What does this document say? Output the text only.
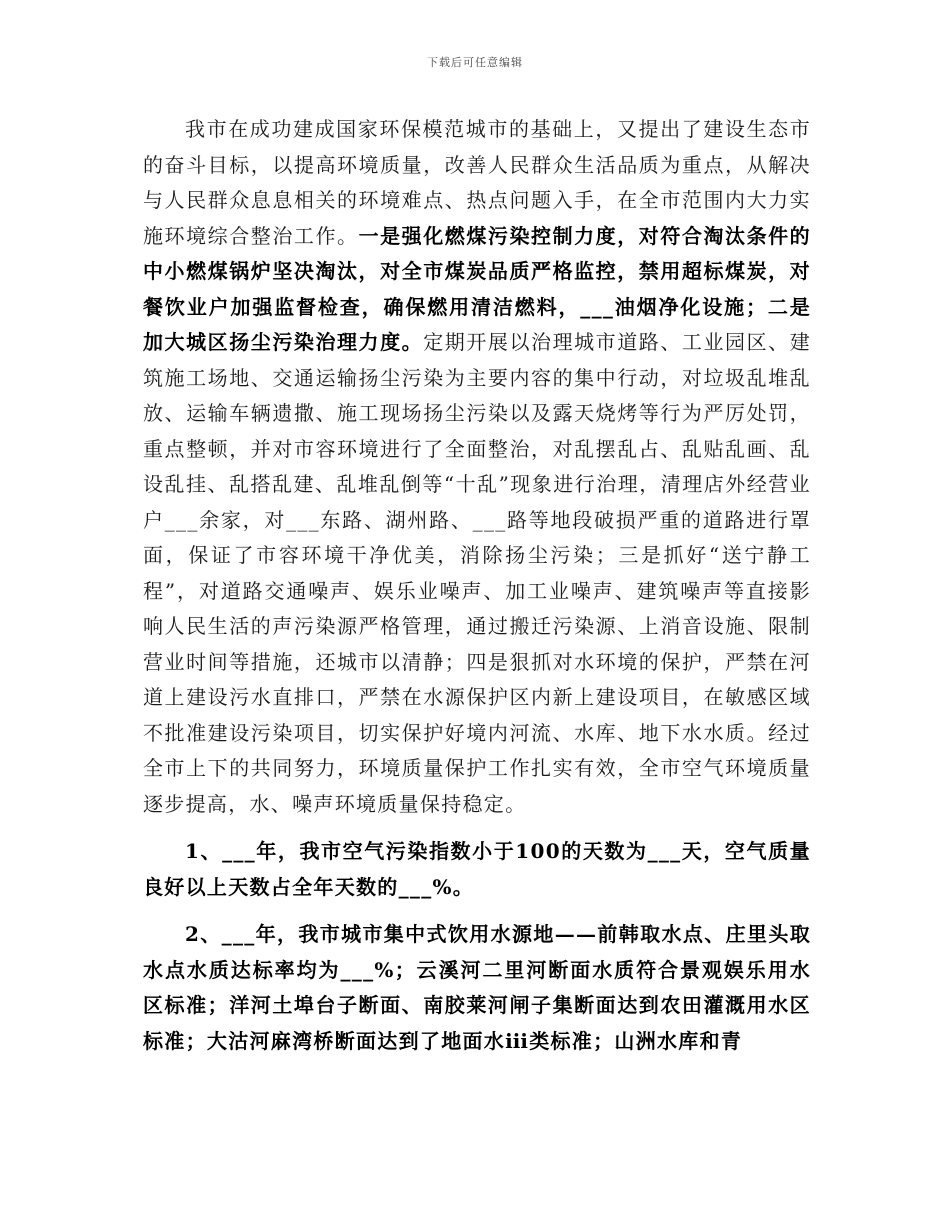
下载后可任意编辑

我市在成功建成国家环保模范城市的基础上，又提出了建设生态市的奋斗目标，以提高环境质量，改善人民群众生活品质为重点，从解决与人民群众息息相关的环境难点、热点问题入手，在全市范围内大力实施环境综合整治工作。一是强化燃煤污染控制力度，对符合淘汰条件的中小燃煤锅炉坚决淘汰，对全市煤炭品质严格监控，禁用超标煤炭，对餐饮业户加强监督检查，确保燃用清洁燃料，___油烟净化设施；二是加大城区扬尘污染治理力度。定期开展以治理城市道路、工业园区、建筑施工场地、交通运输扬尘污染为主要内容的集中行动，对垃圾乱堆乱放、运输车辆遗撒、施工现场扬尘污染以及露天烧烤等行为严厉处罚，重点整顿，并对市容环境进行了全面整治，对乱摆乱占、乱贴乱画、乱设乱挂、乱搭乱建、乱堆乱倒等“十乱”现象进行治理，清理店外经营业户___余家，对___东路、湖州路、___路等地段破损严重的道路进行罩面，保证了市容环境干净优美，消除扬尘污染；三是抓好“送宁静工程”，对道路交通噪声、娱乐业噪声、加工业噪声、建筑噪声等直接影响人民生活的声污染源严格管理，通过搬迁污染源、上消音设施、限制营业时间等措施，还城市以清静；四是狠抓对水环境的保护，严禁在河道上建设污水直排口，严禁在水源保护区内新上建设项目，在敏感区域不批准建设污染项目，切实保护好境内河流、水库、地下水水质。经过全市上下的共同努力，环境质量保护工作扎实有效，全市空气环境质量逐步提高，水、噪声环境质量保持稳定。

1、___年，我市空气污染指数小于100的天数为___天，空气质量良好以上天数占全年天数的___%。

2、___年，我市城市集中式饮用水源地——前韩取水点、庄里头取水点水质达标率均为___%；云溪河二里河断面水质符合景观娱乐用水区标准；洋河土埠台子断面、南胶莱河闸子集断面达到农田灌溉用水区标准；大沽河麻湾桥断面达到了地面水ⅲ类标准；山洲水库和青
